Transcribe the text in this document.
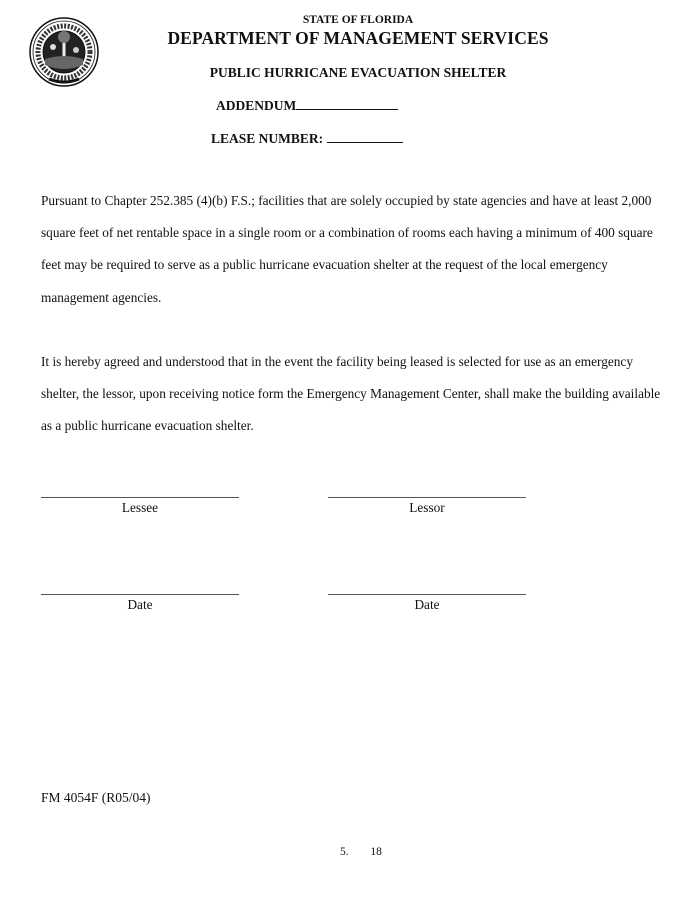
STATE OF FLORIDA
DEPARTMENT OF MANAGEMENT SERVICES
PUBLIC HURRICANE EVACUATION SHELTER
ADDENDUM
LEASE NUMBER:
Pursuant to Chapter 252.385 (4)(b) F.S.; facilities that are solely occupied by state agencies and have at least 2,000 square feet of net rentable space in a single room or a combination of rooms each having a minimum of 400 square feet may be required to serve as a public hurricane evacuation shelter at the request of the local emergency management agencies.
It is hereby agreed and understood that in the event the facility being leased is selected for use as an emergency shelter, the lessor, upon receiving notice form the Emergency Management Center, shall make the building available as a public hurricane evacuation shelter.
Lessee	Lessor
Date	Date
FM 4054F (R05/04)
5.  18
